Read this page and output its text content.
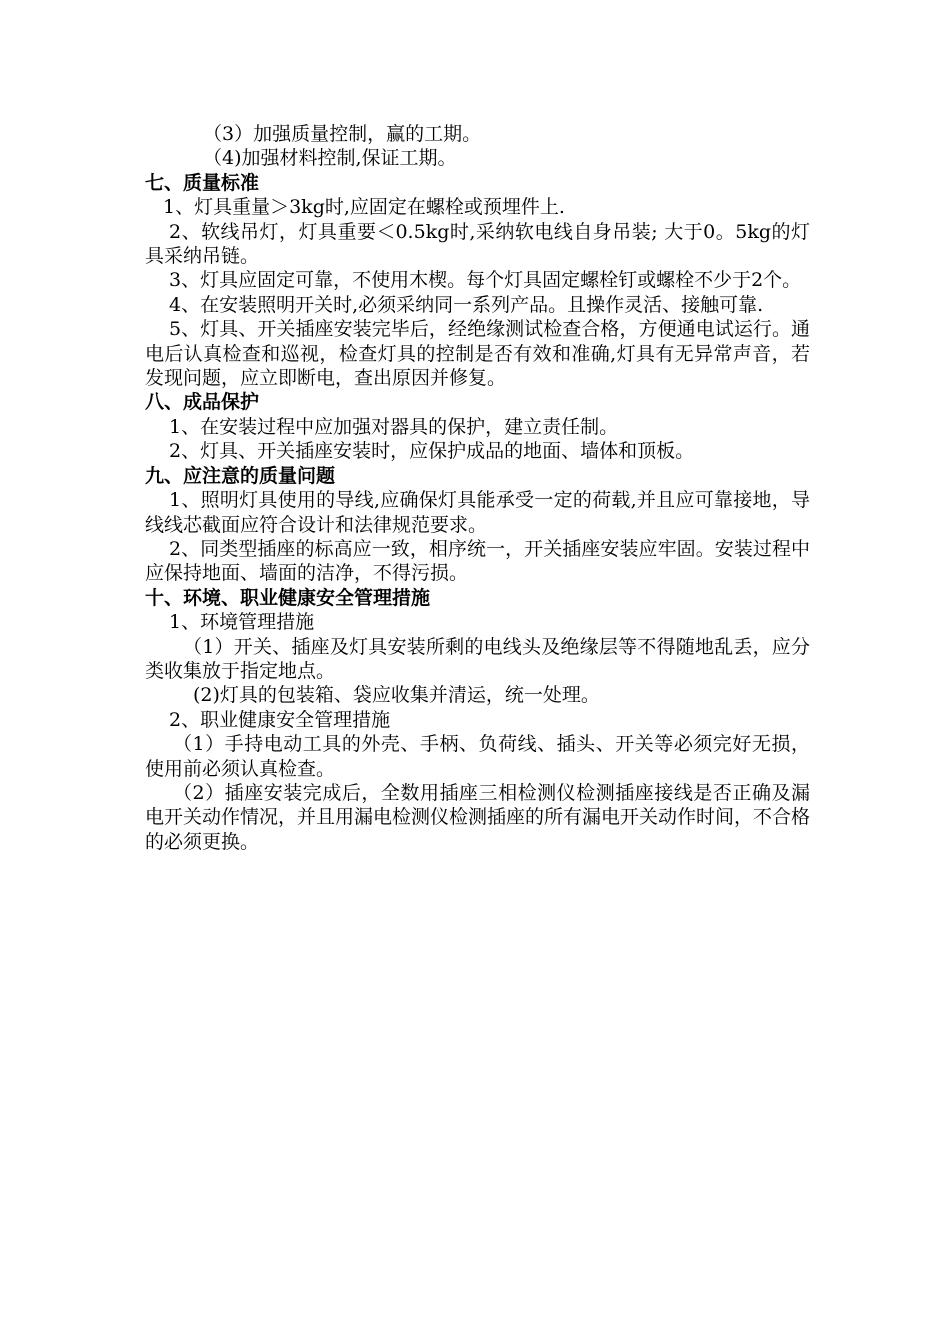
（3）加强质量控制，赢的工期。

（4)加强材料控制,保证工期。

七、质量标准

1、灯具重量＞3kg时,应固定在螺栓或预埋件上.

2、软线吊灯，灯具重要＜0.5kg时,采纳软电线自身吊装; 大于0。5kg的灯具采纳吊链。

3、灯具应固定可靠，不使用木楔。每个灯具固定螺栓钉或螺栓不少于2个。

4、在安装照明开关时,必须采纳同一系列产品。且操作灵活、接触可靠.

5、灯具、开关插座安装完毕后，经绝缘测试检查合格，方便通电试运行。通电后认真检查和巡视，检查灯具的控制是否有效和准确,灯具有无异常声音，若发现问题，应立即断电，查出原因并修复。

八、成品保护

1、在安装过程中应加强对器具的保护，建立责任制。

2、灯具、开关插座安装时，应保护成品的地面、墙体和顶板。

九、应注意的质量问题

1、照明灯具使用的导线,应确保灯具能承受一定的荷载,并且应可靠接地，导线线芯截面应符合设计和法律规范要求。

2、同类型插座的标高应一致，相序统一，开关插座安装应牢固。安装过程中应保持地面、墙面的洁净，不得污损。

十、环境、职业健康安全管理措施

1、环境管理措施

（1）开关、插座及灯具安装所剩的电线头及绝缘层等不得随地乱丢，应分类收集放于指定地点。

(2)灯具的包装箱、袋应收集并清运，统一处理。

2、职业健康安全管理措施

（1）手持电动工具的外壳、手柄、负荷线、插头、开关等必须完好无损，使用前必须认真检查。

（2）插座安装完成后，全数用插座三相检测仪检测插座接线是否正确及漏电开关动作情况，并且用漏电检测仪检测插座的所有漏电开关动作时间，不合格的必须更换。
